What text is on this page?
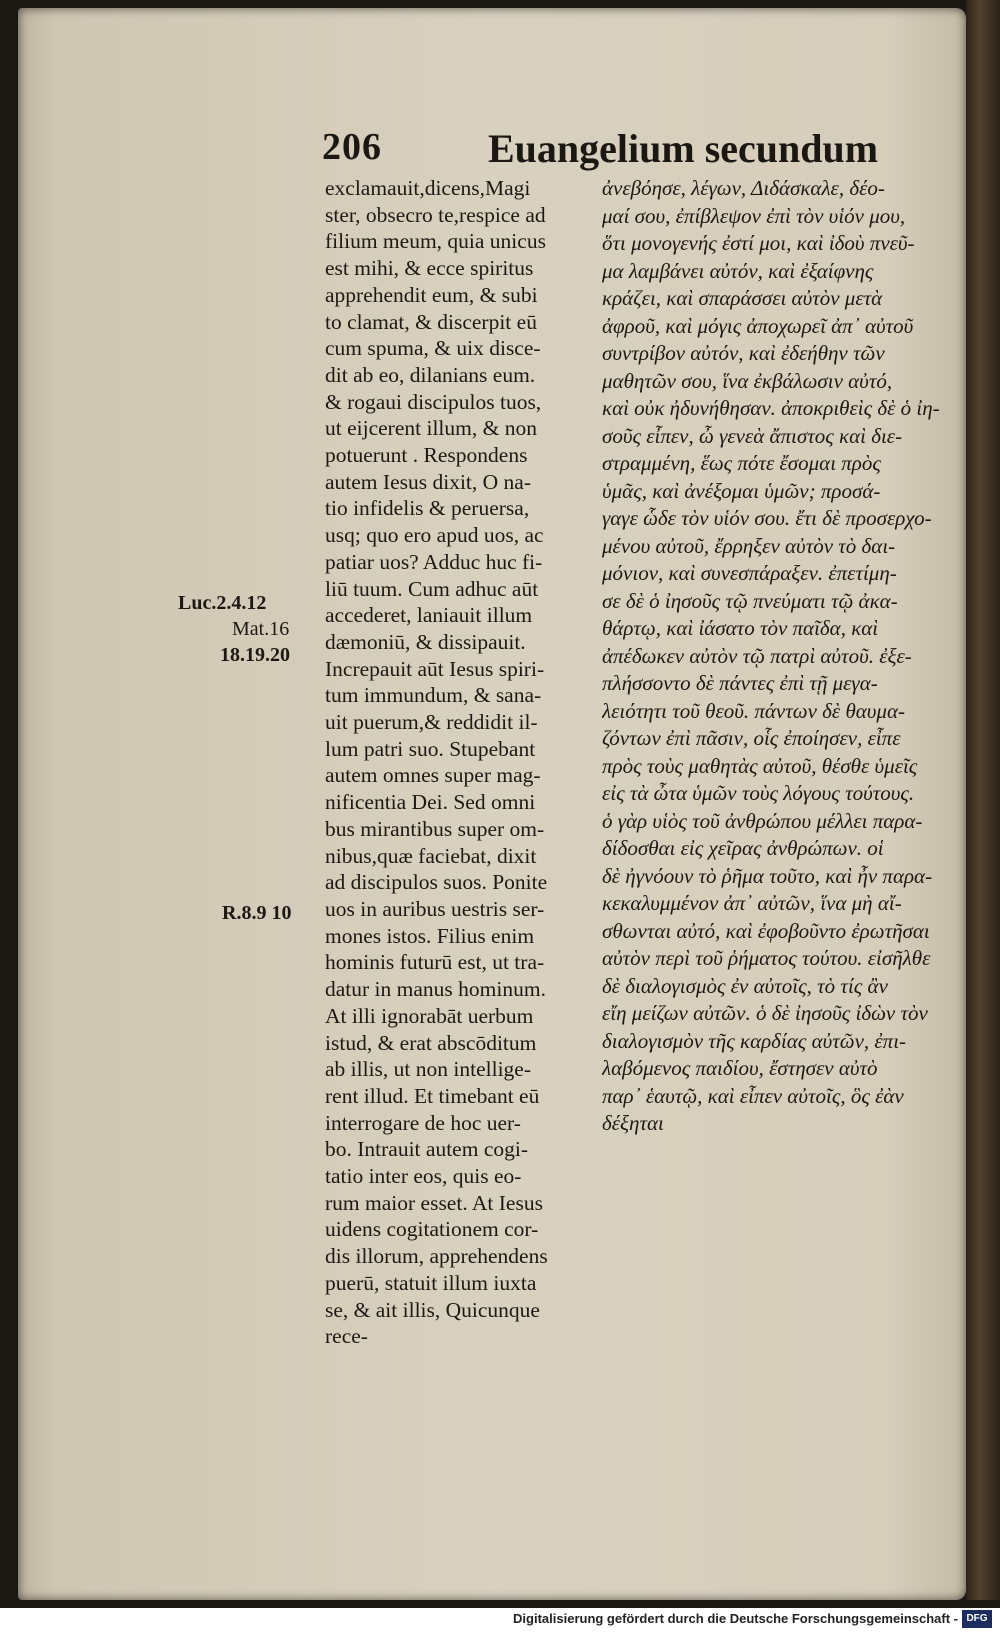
206	Euangelium secundum
Luc.2.4.12
Mat.16
18.19.20
R.8.9 10
exclamauit,dicens,Magi
ster, obsecro te,respice ad
filium meum, quia unicus
est mihi, & ecce spiritus
apprehendit eum, & subi
to clamat, & discerpit eū
cum spuma, & uix disce-
dit ab eo, dilanians eum.
& rogaui discipulos tuos,
ut eijcerent illum, & non
potuerunt . Respondens
autem Iesus dixit, O na-
tio infidelis & peruersa,
usq; quo ero apud uos, ac
patiar uos? Adduc huc fi-
liū tuum. Cum adhuc aūt
accederet, laniauit illum
dæmoniū, & dissipauit.
Increpauit aūt Iesus spiri-
tum immundum, & sana-
uit puerum,& reddidit il-
lum patri suo. Stupebant
autem omnes super mag-
nificentia Dei. Sed omni
bus mirantibus super om-
nibus,quæ faciebat, dixit
ad discipulos suos. Ponite
uos in auribus uestris ser-
mones istos. Filius enim
hominis futurū est, ut tra-
datur in manus hominum.
At illi ignorabāt uerbum
istud, & erat abscōditum
ab illis, ut non intellige-
rent illud. Et timebant eū
interrogare de hoc uer-
bo. Intrauit autem cogi-
tatio inter eos, quis eo-
rum maior esset. At Iesus
uidens cogitationem cor-
dis illorum, apprehendens
puerū, statuit illum iuxta
se, & ait illis, Quicunque
rece-
ἀνεβόησε, λέγων, Διδάσκαλε, δέο-
μαί σου, ἐπίβλεψον ἐπὶ τὸν υἱόν μου,
ὅτι μονογενής ἐστί μοι, καὶ ἰδοὺ πνεῦ-
μα λαμβάνει αὐτόν, καὶ ἐξαίφνης
κράζει, καὶ σπαράσσει αὐτὸν μετὰ
ἀφροῦ, καὶ μόγις ἀποχωρεῖ ἀπ᾽ αὐτοῦ
συντρίβον αὐτόν, καὶ ἐδεήθην τῶν
μαθητῶν σου, ἵνα ἐκβάλωσιν αὐτό,
καὶ οὐκ ἠδυνήθησαν. ἀποκριθεὶς δὲ ὁ ἰη-
σοῦς εἶπεν, ὦ γενεὰ ἄπιστος καὶ διε-
στραμμένη, ἕως πότε ἔσομαι πρὸς
ὑμᾶς, καὶ ἀνέξομαι ὑμῶν; προσά-
γαγε ὧδε τὸν υἱόν σου. ἔτι δὲ προσερχο-
μένου αὐτοῦ, ἔρρηξεν αὐτὸν τὸ δαι-
μόνιον, καὶ συνεσπάραξεν. ἐπετίμη-
σε δὲ ὁ ἰησοῦς τῷ πνεύματι τῷ ἀκα-
θάρτῳ, καὶ ἰάσατο τὸν παῖδα, καὶ
ἀπέδωκεν αὐτὸν τῷ πατρὶ αὐτοῦ. ἐξε-
πλήσσοντο δὲ πάντες ἐπὶ τῇ μεγα-
λειότητι τοῦ θεοῦ. πάντων δὲ θαυμα-
ζόντων ἐπὶ πᾶσιν, οἷς ἐποίησεν, εἶπε
πρὸς τοὺς μαθητὰς αὐτοῦ, θέσθε ὑμεῖς
εἰς τὰ ὦτα ὑμῶν τοὺς λόγους τούτους.
ὁ γὰρ υἱὸς τοῦ ἀνθρώπου μέλλει παρα-
δίδοσθαι εἰς χεῖρας ἀνθρώπων. οἱ
δὲ ἠγνόουν τὸ ῥῆμα τοῦτο, καὶ ἦν παρα-
κεκαλυμμένον ἀπ᾽ αὐτῶν, ἵνα μὴ αἴ-
σθωνται αὐτό, καὶ ἐφοβοῦντο ἐρωτῆσαι
αὐτὸν περὶ τοῦ ῥήματος τούτου. εἰσῆλθε
δὲ διαλογισμὸς ἐν αὐτοῖς, τὸ τίς ἂν
εἴη μείζων αὐτῶν. ὁ δὲ ἰησοῦς ἰδὼν τὸν
διαλογισμὸν τῆς καρδίας αὐτῶν, ἐπι-
λαβόμενος παιδίου, ἔστησεν αὐτὸ
παρ᾽ ἑαυτῷ, καὶ εἶπεν αὐτοῖς, ὃς ἐὰν
δέξηται
Digitalisierung gefördert durch die Deutsche Forschungsgemeinschaft - DFG
